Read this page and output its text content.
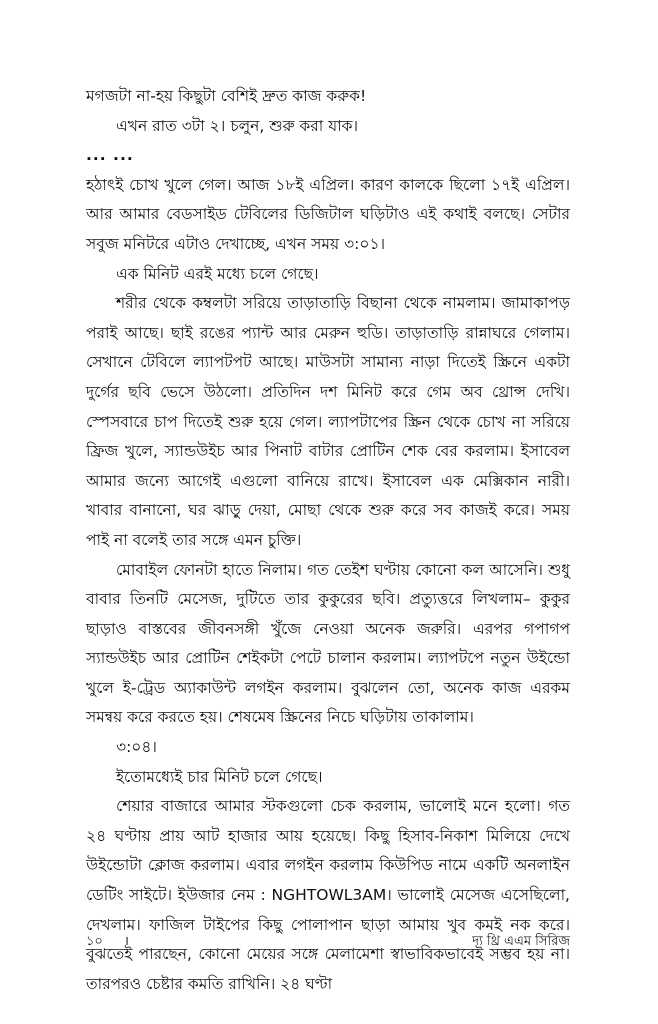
মগজটা না-হয় কিছুটা বেশিই দ্রুত কাজ করুক!

এখন রাত ৩টা ২। চলুন, শুরু করা যাক।

... ...

হঠাৎই চোখ খুলে গেল। আজ ১৮ই এপ্রিল। কারণ কালকে ছিলো ১৭ই এপ্রিল। আর আমার বেডসাইড টেবিলের ডিজিটাল ঘড়িটাও এই কথাই বলছে। সেটার সবুজ মনিটরে এটাও দেখাচ্ছে, এখন সময় ৩:০১।

এক মিনিট এরই মধ্যে চলে গেছে।

শরীর থেকে কম্বলটা সরিয়ে তাড়াতাড়ি বিছানা থেকে নামলাম। জামাকাপড় পরাই আছে। ছাই রঙের প্যান্ট আর মেরুন হুডি। তাড়াতাড়ি রান্নাঘরে গেলাম। সেখানে টেবিলে ল্যাপটপট আছে। মাউসটা সামান্য নাড়া দিতেই স্ক্রিনে একটা দুর্গের ছবি ভেসে উঠলো। প্রতিদিন দশ মিনিট করে গেম অব থ্রোন্স দেখি। স্পেসবারে চাপ দিতেই শুরু হয়ে গেল। ল্যাপটাপের স্ক্রিন থেকে চোখ না সরিয়ে ফ্রিজ খুলে, স্যান্ডউইচ আর পিনাট বাটার প্রোটিন শেক বের করলাম। ইসাবেল আমার জন্যে আগেই এগুলো বানিয়ে রাখে। ইসাবেল এক মেক্সিকান নারী। খাবার বানানো, ঘর ঝাড়ু দেয়া, মোছা থেকে শুরু করে সব কাজই করে। সময় পাই না বলেই তার সঙ্গে এমন চুক্তি।

মোবাইল ফোনটা হাতে নিলাম। গত তেইশ ঘণ্টায় কোনো কল আসেনি। শুধু বাবার তিনটি মেসেজ, দুটিতে তার কুকুরের ছবি। প্রত্যুত্তরে লিখলাম– কুকুর ছাড়াও বাস্তবের জীবনসঙ্গী খুঁজে নেওয়া অনেক জরুরি। এরপর গপাগপ স্যান্ডউইচ আর প্রোটিন শেইকটা পেটে চালান করলাম। ল্যাপটপে নতুন উইন্ডো খুলে ই-ট্রেড অ্যাকাউন্ট লগইন করলাম। বুঝলেন তো, অনেক কাজ এরকম সমন্বয় করে করতে হয়। শেষমেষ স্ক্রিনের নিচে ঘড়িটায় তাকালাম।

৩:০৪।

ইতোমধ্যেই চার মিনিট চলে গেছে।

শেয়ার বাজারে আমার স্টকগুলো চেক করলাম, ভালোই মনে হলো। গত ২৪ ঘণ্টায় প্রায় আট হাজার আয় হয়েছে। কিছু হিসাব-নিকাশ মিলিয়ে দেখে উইন্ডোটা ক্লোজ করলাম। এবার লগইন করলাম কিউপিড নামে একটি অনলাইন ডেটিং সাইটে। ইউজার নেম : NGHTOWL3AM। ভালোই মেসেজ এসেছিলো, দেখলাম। ফাজিল টাইপের কিছু পোলাপান ছাড়া আমায় খুব কমই নক করে। বুঝতেই পারছেন, কোনো মেয়ের সঙ্গে মেলামেশা স্বাভাবিকভাবেই সম্ভব হয় না। তারপরও চেষ্টার কমতি রাখিনি। ২৪ ঘণ্টা

১০ ।	দ্য থ্রি এএম সিরিজ
